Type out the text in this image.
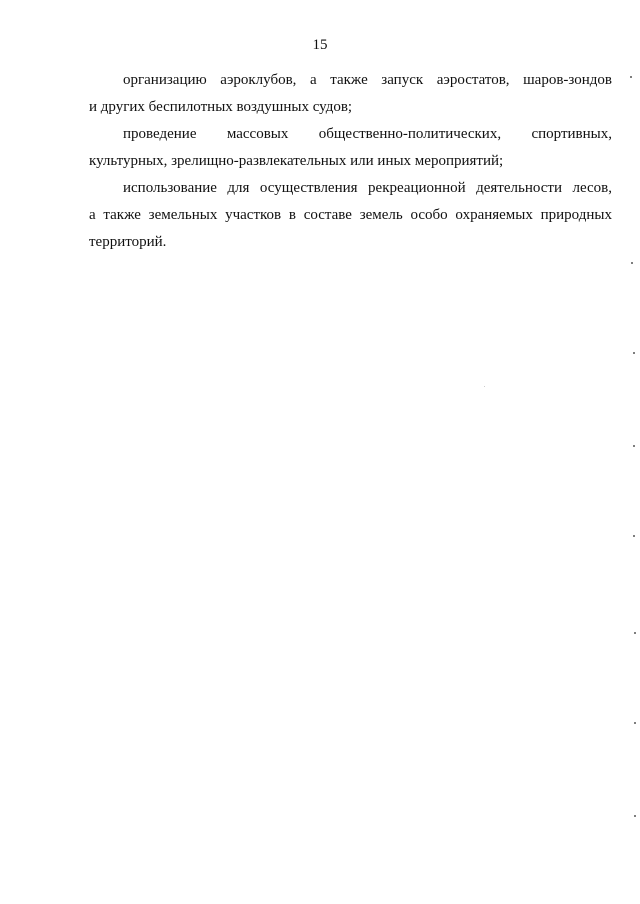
15

организацию аэроклубов, а также запуск аэростатов, шаров-зондов
и других беспилотных воздушных судов;

проведение массовых общественно-политических, спортивных,
культурных, зрелищно-развлекательных или иных мероприятий;

использование для осуществления рекреационной деятельности лесов,
а также земельных участков в составе земель особо охраняемых природных
территорий.
